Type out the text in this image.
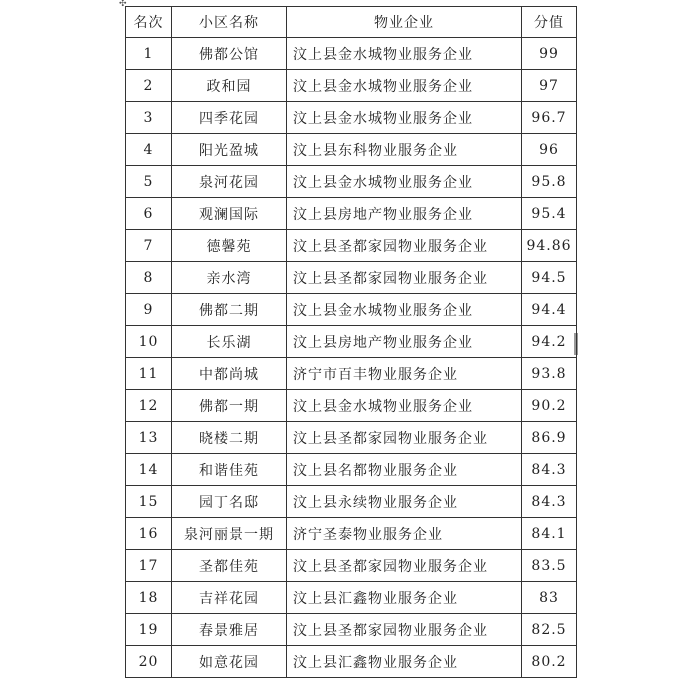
✣
名次	小区名称	物业企业	分值
1	佛都公馆	汶上县金水城物业服务企业	99
2	政和园	汶上县金水城物业服务企业	97
3	四季花园	汶上县金水城物业服务企业	96.7
4	阳光盈城	汶上县东科物业服务企业	96
5	泉河花园	汶上县金水城物业服务企业	95.8
6	观澜国际	汶上县房地产物业服务企业	95.4
7	德馨苑	汶上县圣都家园物业服务企业	94.86
8	亲水湾	汶上县圣都家园物业服务企业	94.5
9	佛都二期	汶上县金水城物业服务企业	94.4
10	长乐湖	汶上县房地产物业服务企业	94.2
11	中都尚城	济宁市百丰物业服务企业	93.8
12	佛都一期	汶上县金水城物业服务企业	90.2
13	晓楼二期	汶上县圣都家园物业服务企业	86.9
14	和谐佳苑	汶上县名都物业服务企业	84.3
15	园丁名邸	汶上县永续物业服务企业	84.3
16	泉河丽景一期	济宁圣泰物业服务企业	84.1
17	圣都佳苑	汶上县圣都家园物业服务企业	83.5
18	吉祥花园	汶上县汇鑫物业服务企业	83
19	春景雅居	汶上县圣都家园物业服务企业	82.5
20	如意花园	汶上县汇鑫物业服务企业	80.2
